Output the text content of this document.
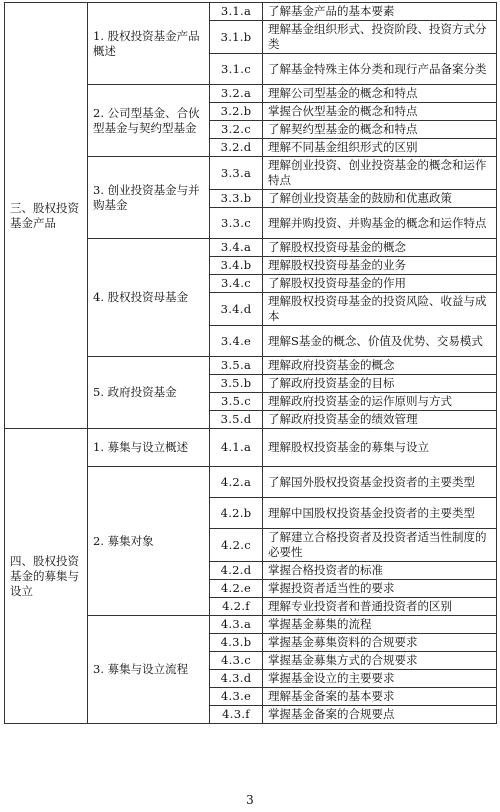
三、股权投资基金产品	1. 股权投资基金产品概述	3.1.a	了解基金产品的基本要素
		3.1.b	理解基金组织形式、投资阶段、投资方式分类
		3.1.c	了解基金特殊主体分类和现行产品备案分类
	2. 公司型基金、合伙型基金与契约型基金	3.2.a	理解公司型基金的概念和特点
		3.2.b	掌握合伙型基金的概念和特点
		3.2.c	了解契约型基金的概念和特点
		3.2.d	理解不同基金组织形式的区别
	3. 创业投资基金与并购基金	3.3.a	理解创业投资、创业投资基金的概念和运作特点
		3.3.b	了解创业投资基金的鼓励和优惠政策
		3.3.c	理解并购投资、并购基金的概念和运作特点
	4. 股权投资母基金	3.4.a	了解股权投资母基金的概念
		3.4.b	理解股权投资母基金的业务
		3.4.c	了解股权投资母基金的作用
		3.4.d	理解股权投资母基金的投资风险、收益与成本
		3.4.e	理解S基金的概念、价值及优势、交易模式
	5. 政府投资基金	3.5.a	理解政府投资基金的概念
		3.5.b	了解政府投资基金的目标
		3.5.c	理解政府投资基金的运作原则与方式
		3.5.d	了解政府投资基金的绩效管理
四、股权投资基金的募集与设立	1. 募集与设立概述	4.1.a	理解股权投资基金的募集与设立
	2. 募集对象	4.2.a	了解国外股权投资基金投资者的主要类型
		4.2.b	理解中国股权投资基金投资者的主要类型
		4.2.c	了解建立合格投资者及投资者适当性制度的必要性
		4.2.d	掌握合格投资者的标准
		4.2.e	掌握投资者适当性的要求
		4.2.f	理解专业投资者和普通投资者的区别
	3. 募集与设立流程	4.3.a	掌握基金募集的流程
		4.3.b	掌握基金募集资料的合规要求
		4.3.c	掌握基金募集方式的合规要求
		4.3.d	掌握基金设立的主要要求
		4.3.e	理解基金备案的基本要求
		4.3.f	掌握基金备案的合规要点
3
